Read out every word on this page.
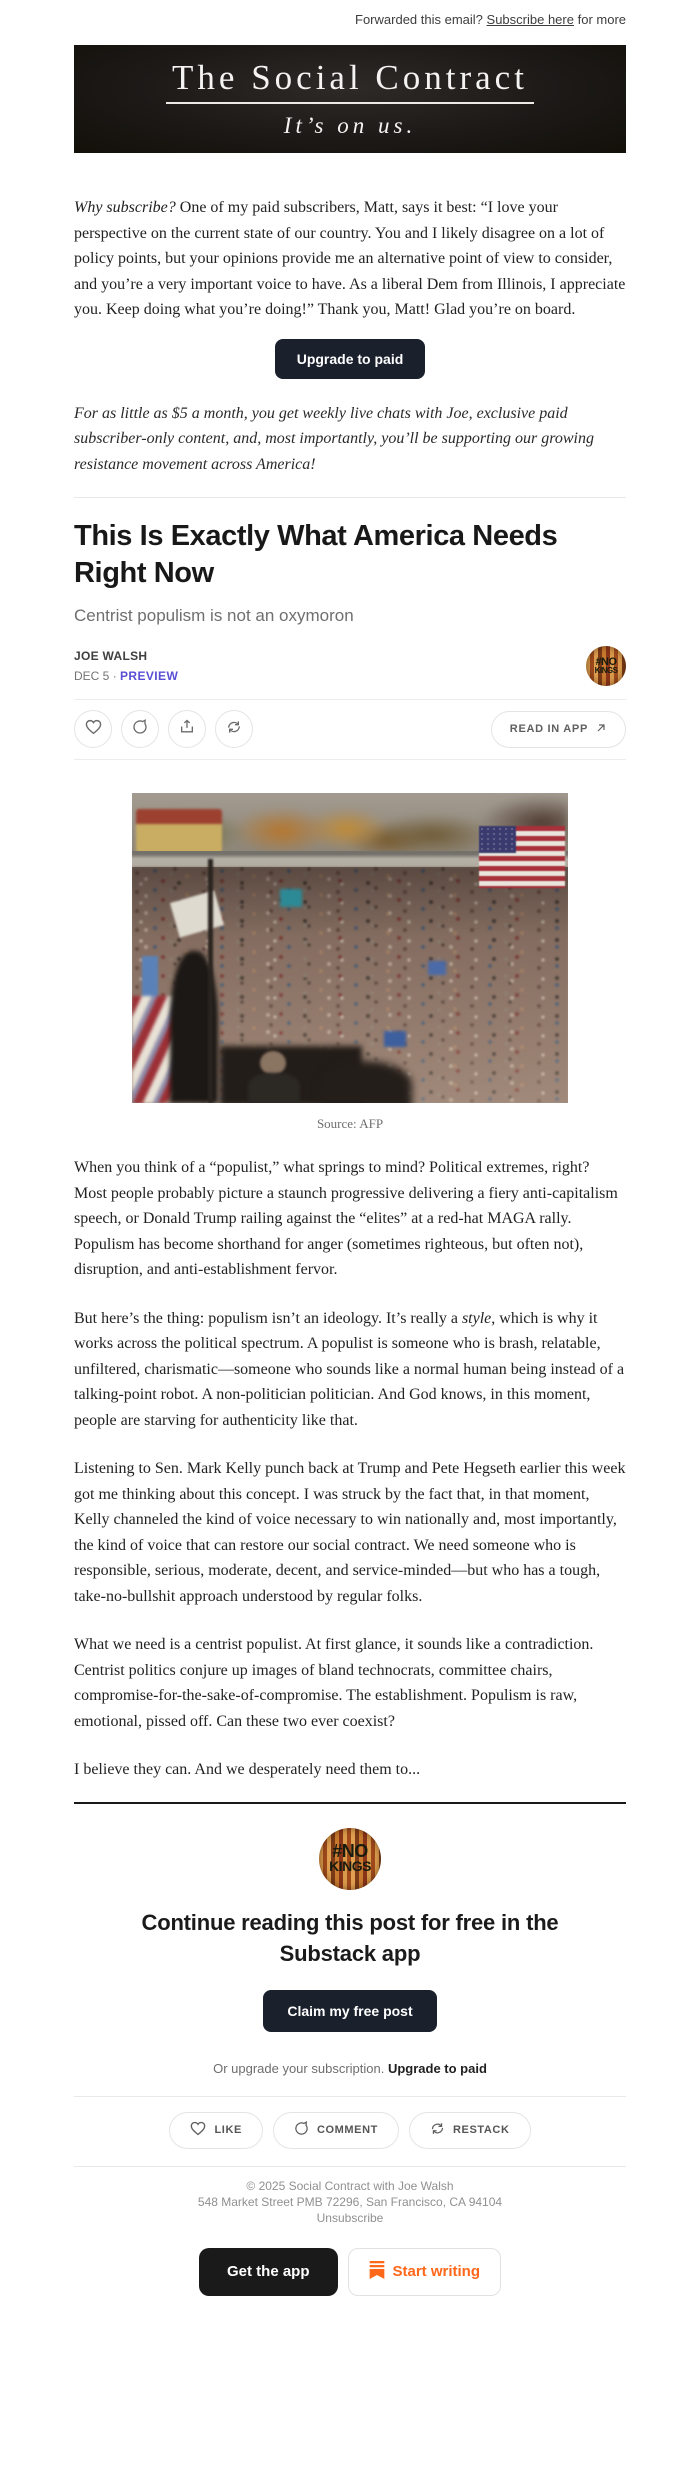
Forwarded this email? Subscribe here for more
The Social Contract
It’s on us.

Why subscribe? One of my paid subscribers, Matt, says it best: “I love your perspective on the current state of our country. You and I likely disagree on a lot of policy points, but your opinions provide me an alternative point of view to consider, and you’re a very important voice to have. As a liberal Dem from Illinois, I appreciate you. Keep doing what you’re doing!” Thank you, Matt! Glad you’re on board.

Upgrade to paid

For as little as $5 a month, you get weekly live chats with Joe, exclusive paid subscriber-only content, and, most importantly, you’ll be supporting our growing resistance movement across America!

This Is Exactly What America Needs Right Now
Centrist populism is not an oxymoron
JOE WALSH
DEC 5 · PREVIEW
#NO
KINGS
READ IN APP
Source: AFP

When you think of a “populist,” what springs to mind? Political extremes, right? Most people probably picture a staunch progressive delivering a fiery anti-capitalism speech, or Donald Trump railing against the “elites” at a red-hat MAGA rally. Populism has become shorthand for anger (sometimes righteous, but often not), disruption, and anti-establishment fervor.

But here’s the thing: populism isn’t an ideology. It’s really a style, which is why it works across the political spectrum. A populist is someone who is brash, relatable, unfiltered, charismatic—someone who sounds like a normal human being instead of a talking-point robot. A non-politician politician. And God knows, in this moment, people are starving for authenticity like that.

Listening to Sen. Mark Kelly punch back at Trump and Pete Hegseth earlier this week got me thinking about this concept. I was struck by the fact that, in that moment, Kelly channeled the kind of voice necessary to win nationally and, most importantly, the kind of voice that can restore our social contract. We need someone who is responsible, serious, moderate, decent, and service-minded—but who has a tough, take-no-bullshit approach understood by regular folks.

What we need is a centrist populist. At first glance, it sounds like a contradiction. Centrist politics conjure up images of bland technocrats, committee chairs, compromise-for-the-sake-of-compromise. The establishment. Populism is raw, emotional, pissed off. Can these two ever coexist?

I believe they can. And we desperately need them to...

#NO
KINGS
Continue reading this post for free in the Substack app
Claim my free post
Or upgrade your subscription. Upgrade to paid
LIKE	COMMENT	RESTACK
© 2025 Social Contract with Joe Walsh
548 Market Street PMB 72296, San Francisco, CA 94104
Unsubscribe
Get the app	Start writing
